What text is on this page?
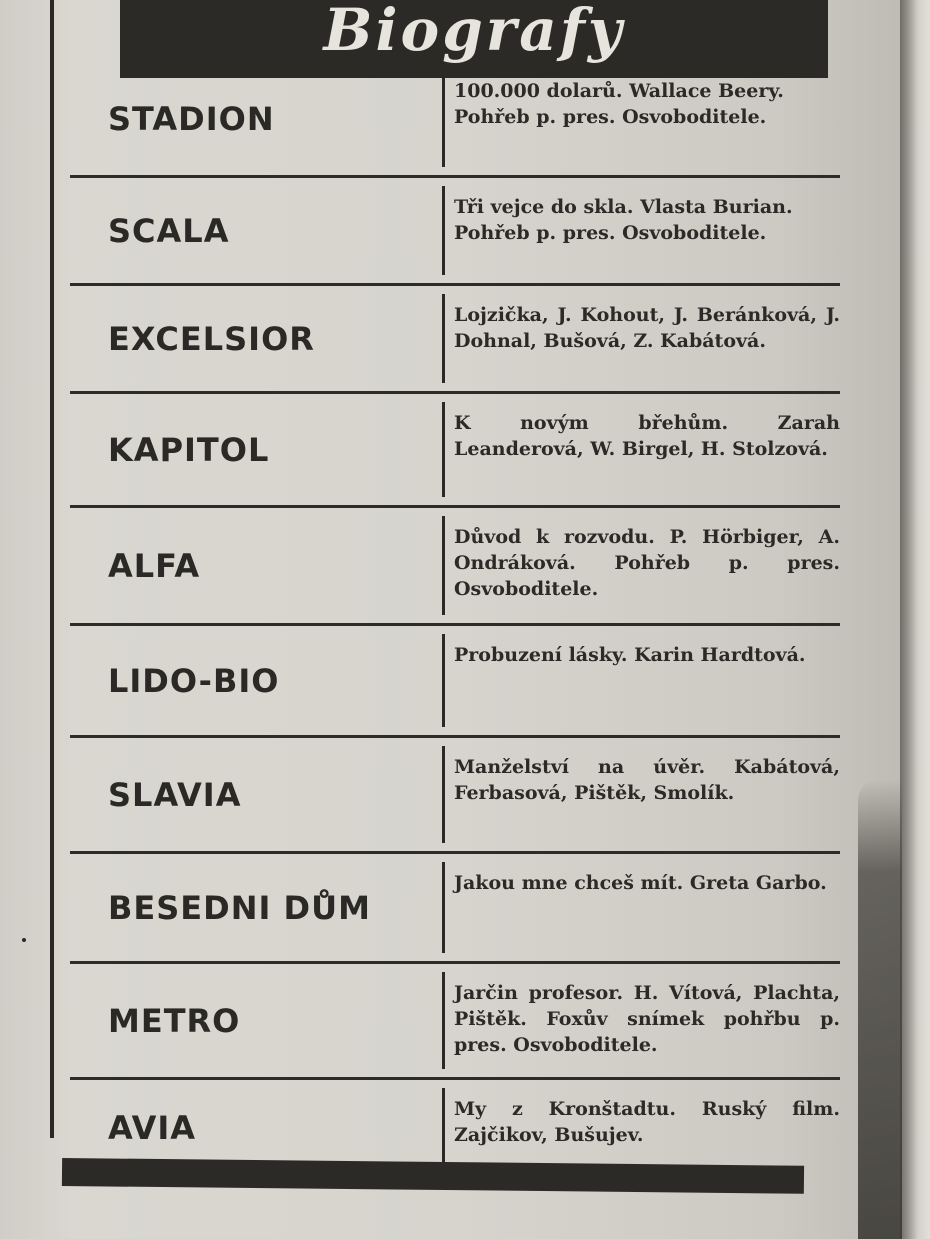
Biografy
STADION
100.000 dolarů. Wallace Beery.
Pohřeb p. pres. Osvoboditele.
SCALA
Tři vejce do skla. Vlasta Burian.
Pohřeb p. pres. Osvoboditele.
EXCELSIOR
Lojzička, J. Kohout, J. Beránková, J. Dohnal, Bušová, Z. Kabátová.
KAPITOL
K novým břehům. Zarah Leanderová, W. Birgel, H. Stolzová.
ALFA
Důvod k rozvodu. P. Hörbiger, A. Ondráková. Pohřeb p. pres. Osvoboditele.
LIDO-BIO
Probuzení lásky. Karin Hardtová.
SLAVIA
Manželství na úvěr. Kabátová, Ferbasová, Pištěk, Smolík.
BESEDNI DŮM
Jakou mne chceš mít. Greta Garbo.
METRO
Jarčin profesor. H. Vítová, Plachta, Pištěk. Foxův snímek pohřbu p. pres. Osvoboditele.
AVIA	My z Kronštadtu. Ruský film. Zajčikov, Bušujev.
